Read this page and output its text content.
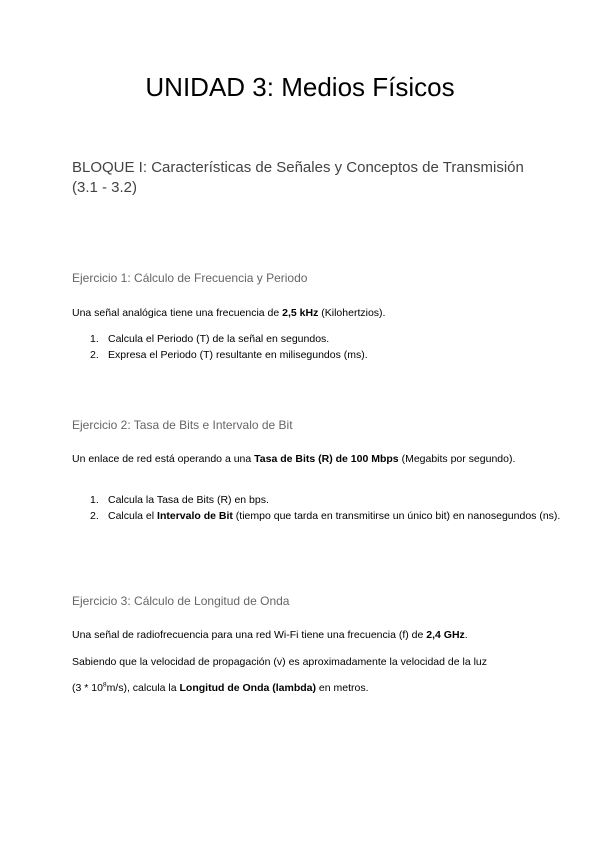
UNIDAD 3: Medios Físicos
BLOQUE I: Características de Señales y Conceptos de Transmisión (3.1 - 3.2)
Ejercicio 1: Cálculo de Frecuencia y Periodo

Una señal analógica tiene una frecuencia de 2,5 kHz (Kilohertzios).

1. Calcula el Periodo (T) de la señal en segundos.
2. Expresa el Periodo (T) resultante en milisegundos (ms).
Ejercicio 2: Tasa de Bits e Intervalo de Bit

Un enlace de red está operando a una Tasa de Bits (R) de 100 Mbps (Megabits por segundo).

1. Calcula la Tasa de Bits (R) en bps.
2. Calcula el Intervalo de Bit (tiempo que tarda en transmitirse un único bit) en nanosegundos (ns).
Ejercicio 3: Cálculo de Longitud de Onda

Una señal de radiofrecuencia para una red Wi-Fi tiene una frecuencia (f) de 2,4 GHz.

Sabiendo que la velocidad de propagación (v) es aproximadamente la velocidad de la luz

$(3 * 10^8m/s)$, calcula la Longitud de Onda (lambda) en metros.
